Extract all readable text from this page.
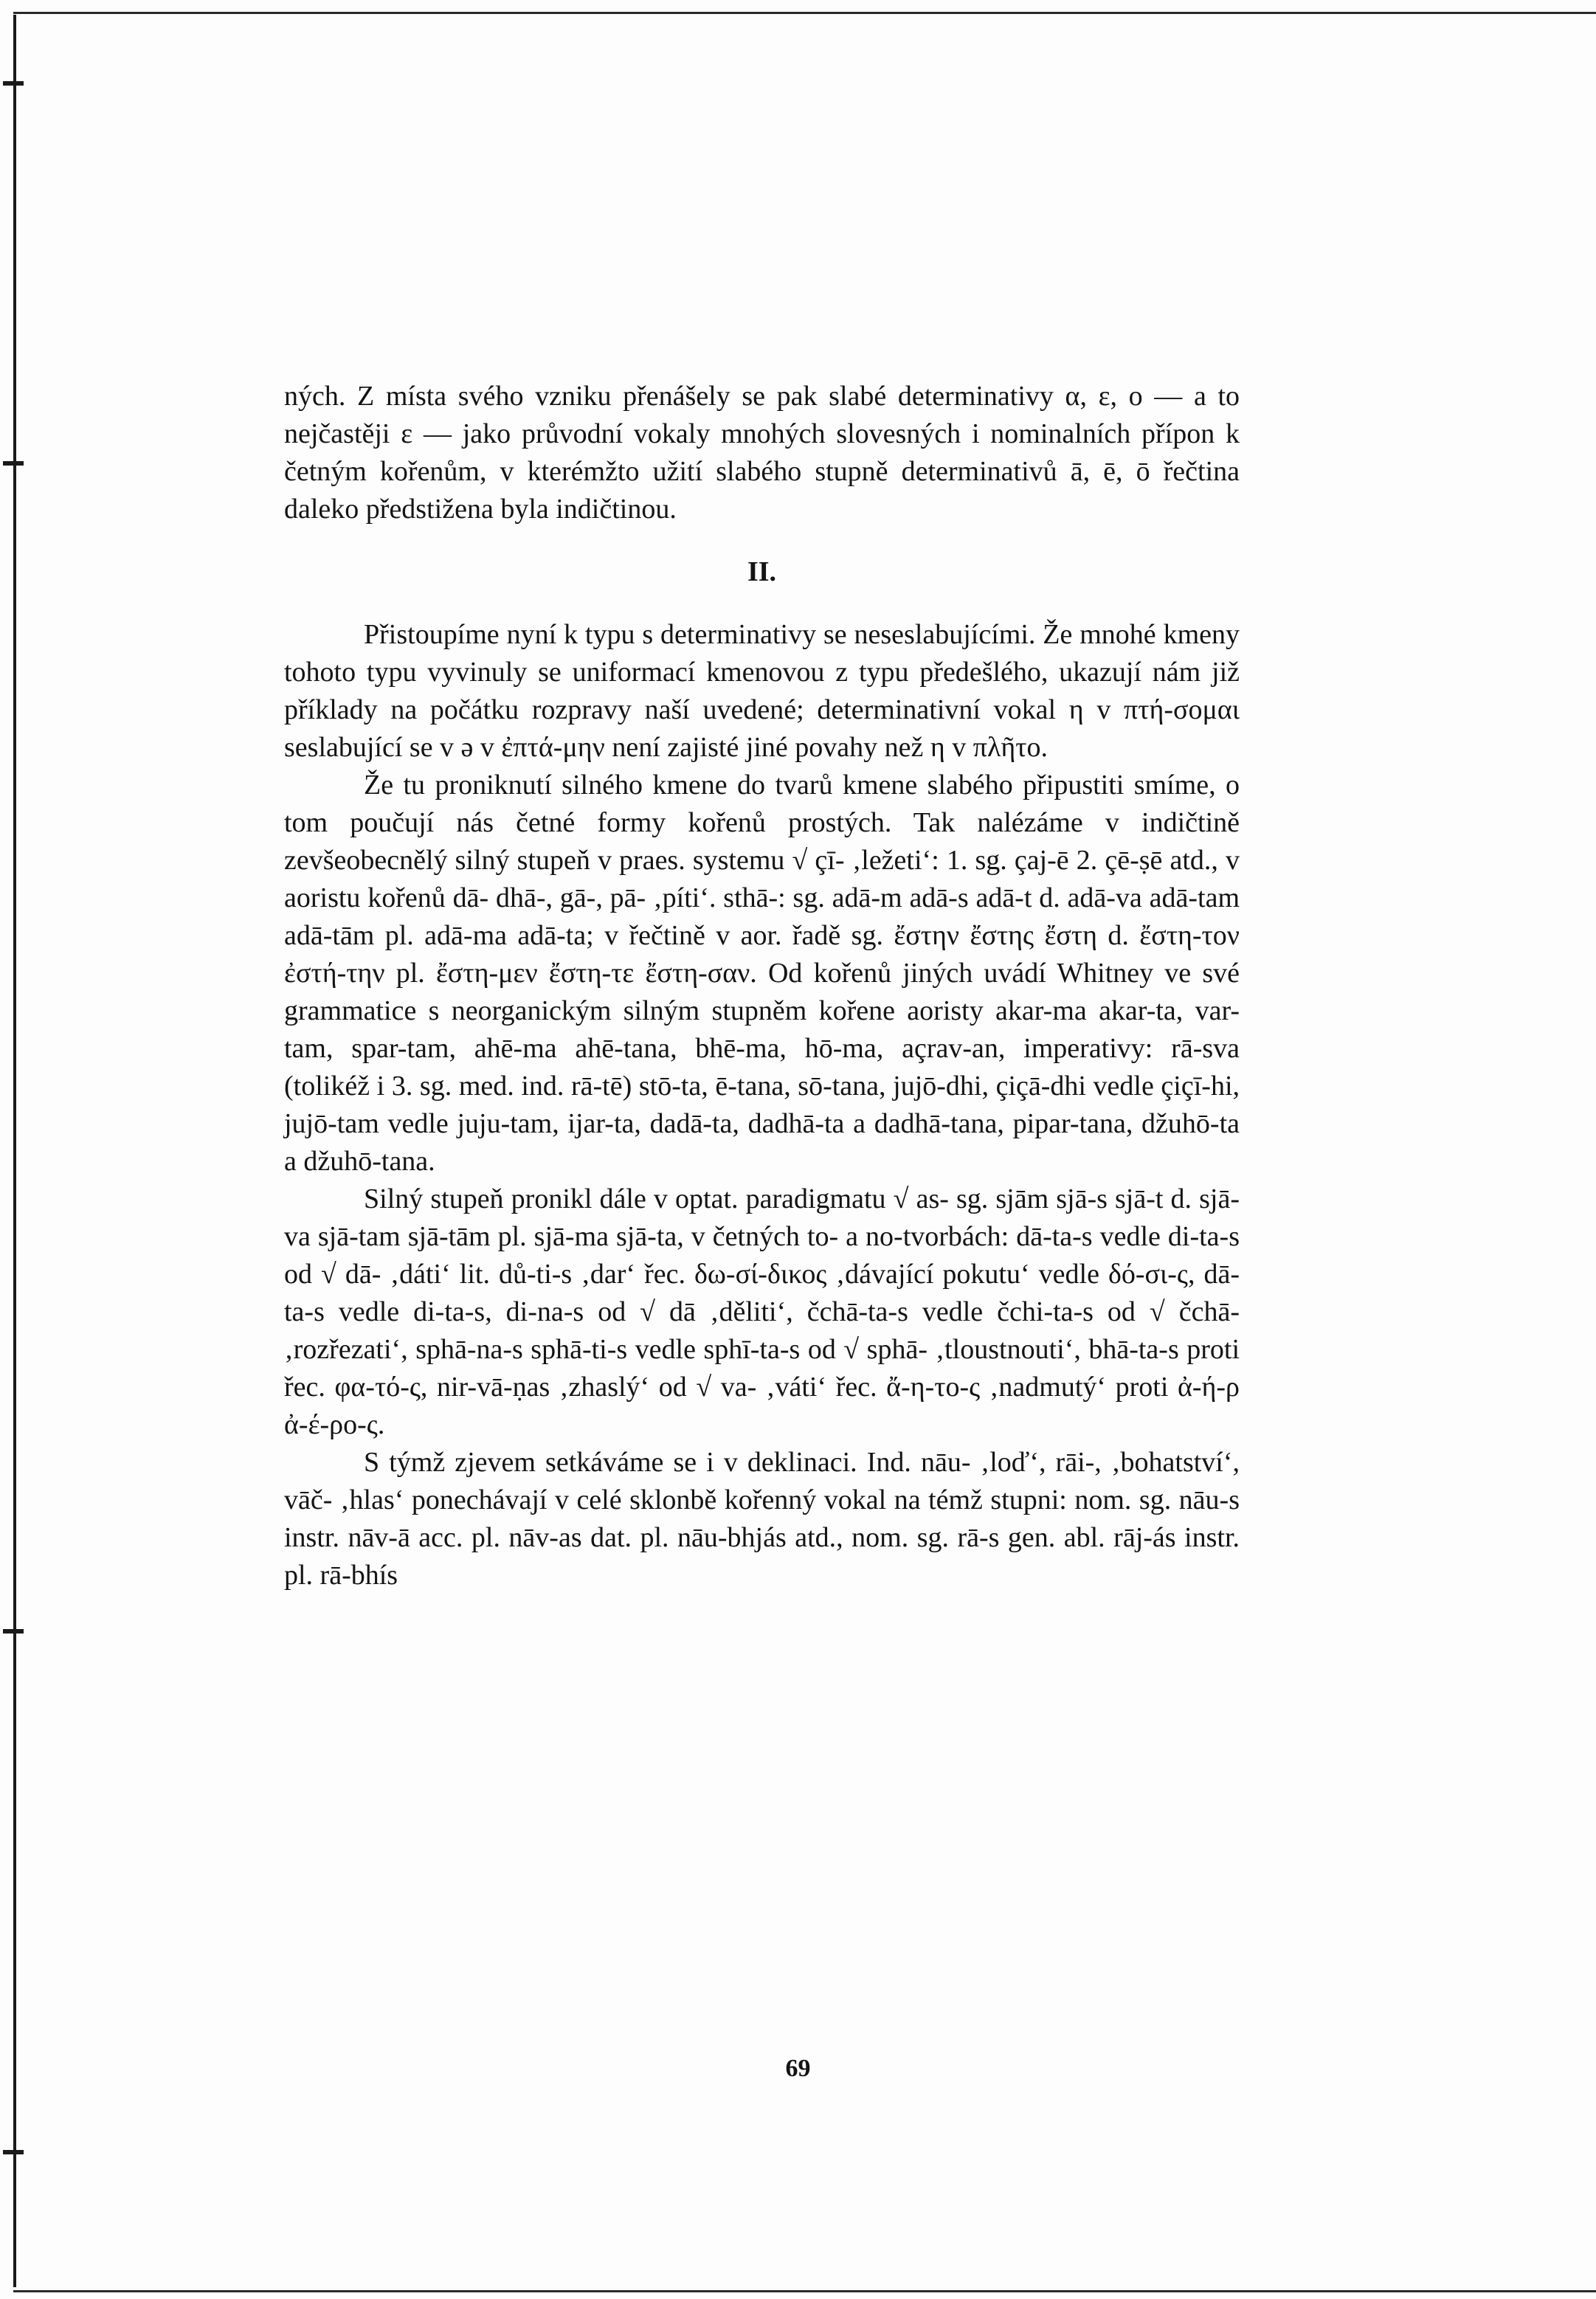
ných. Z místa svého vzniku přenášely se pak slabé determinativy α, ε, ο — a to nejčastěji ε — jako průvodní vokaly mnohých slovesných i nominalních přípon k četným kořenům, v kterémžto užití slabého stupně determinativů ā, ē, ō řečtina daleko předstižena byla indičtinou.

II.

Přistoupíme nyní k typu s determinativy se neseslabujícími. Že mnohé kmeny tohoto typu vyvinuly se uniformací kmenovou z typu předešlého, ukazují nám již příklady na počátku rozpravy naší uvedené; determinativní vokal η v πτή-σομαι seslabující se v ə v ἐπτά-μην není zajisté jiné povahy než η v πλῆτο.

Že tu proniknutí silného kmene do tvarů kmene slabého připustiti smíme, o tom poučují nás četné formy kořenů prostých. Tak nalézáme v indičtině zevšeobecnělý silný stupeň v praes. systemu √ çī- ‚ležeti‘: 1. sg. çaj-ē 2. çē-ṣē atd., v aoristu kořenů dā- dhā-, gā-, pā- ‚píti‘. sthā-: sg. adā-m adā-s adā-t d. adā-va adā-tam adā-tām pl. adā-ma adā-ta; v řečtině v aor. řadě sg. ἔστην ἔστης ἔστη d. ἔστη-τον ἐστή-την pl. ἔστη-μεν ἔστη-τε ἔστη-σαν. Od kořenů jiných uvádí Whitney ve své grammatice s neorganickým silným stupněm kořene aoristy akar-ma akar-ta, var-tam, spar-tam, ahē-ma ahē-tana, bhē-ma, hō-ma, açrav-an, imperativy: rā-sva (tolikéž i 3. sg. med. ind. rā-tē) stō-ta, ē-tana, sō-tana, jujō-dhi, çiçā-dhi vedle çiçī-hi, jujō-tam vedle juju-tam, ijar-ta, dadā-ta, dadhā-ta a dadhā-tana, pipar-tana, džuhō-ta a džuhō-tana.

Silný stupeň pronikl dále v optat. paradigmatu √ as- sg. sjām sjā-s sjā-t d. sjā-va sjā-tam sjā-tām pl. sjā-ma sjā-ta, v četných to- a no-tvorbách: dā-ta-s vedle di-ta-s od √ dā- ‚dáti‘ lit. dů-ti-s ‚dar‘ řec. δω-σί-δικος ‚dávající pokutu‘ vedle δό-σι-ς, dā-ta-s vedle di-ta-s, di-na-s od √ dā ‚děliti‘, čchā-ta-s vedle čchi-ta-s od √ čchā- ‚rozřezati‘, sphā-na-s sphā-ti-s vedle sphī-ta-s od √ sphā- ‚tloustnouti‘, bhā-ta-s proti řec. φα-τό-ς, nir-vā-ṇas ‚zhaslý‘ od √ va- ‚váti‘ řec. ἄ-η-το-ς ‚nadmutý‘ proti ἀ-ή-ρ ἀ-έ-ρο-ς.

S týmž zjevem setkáváme se i v deklinaci. Ind. nāu- ‚loď‘, rāi-, ‚bohatství‘, vāč- ‚hlas‘ ponechávají v celé sklonbě kořenný vokal na témž stupni: nom. sg. nāu-s instr. nāv-ā acc. pl. nāv-as dat. pl. nāu-bhjás atd., nom. sg. rā-s gen. abl. rāj-ás instr. pl. rā-bhís

69
